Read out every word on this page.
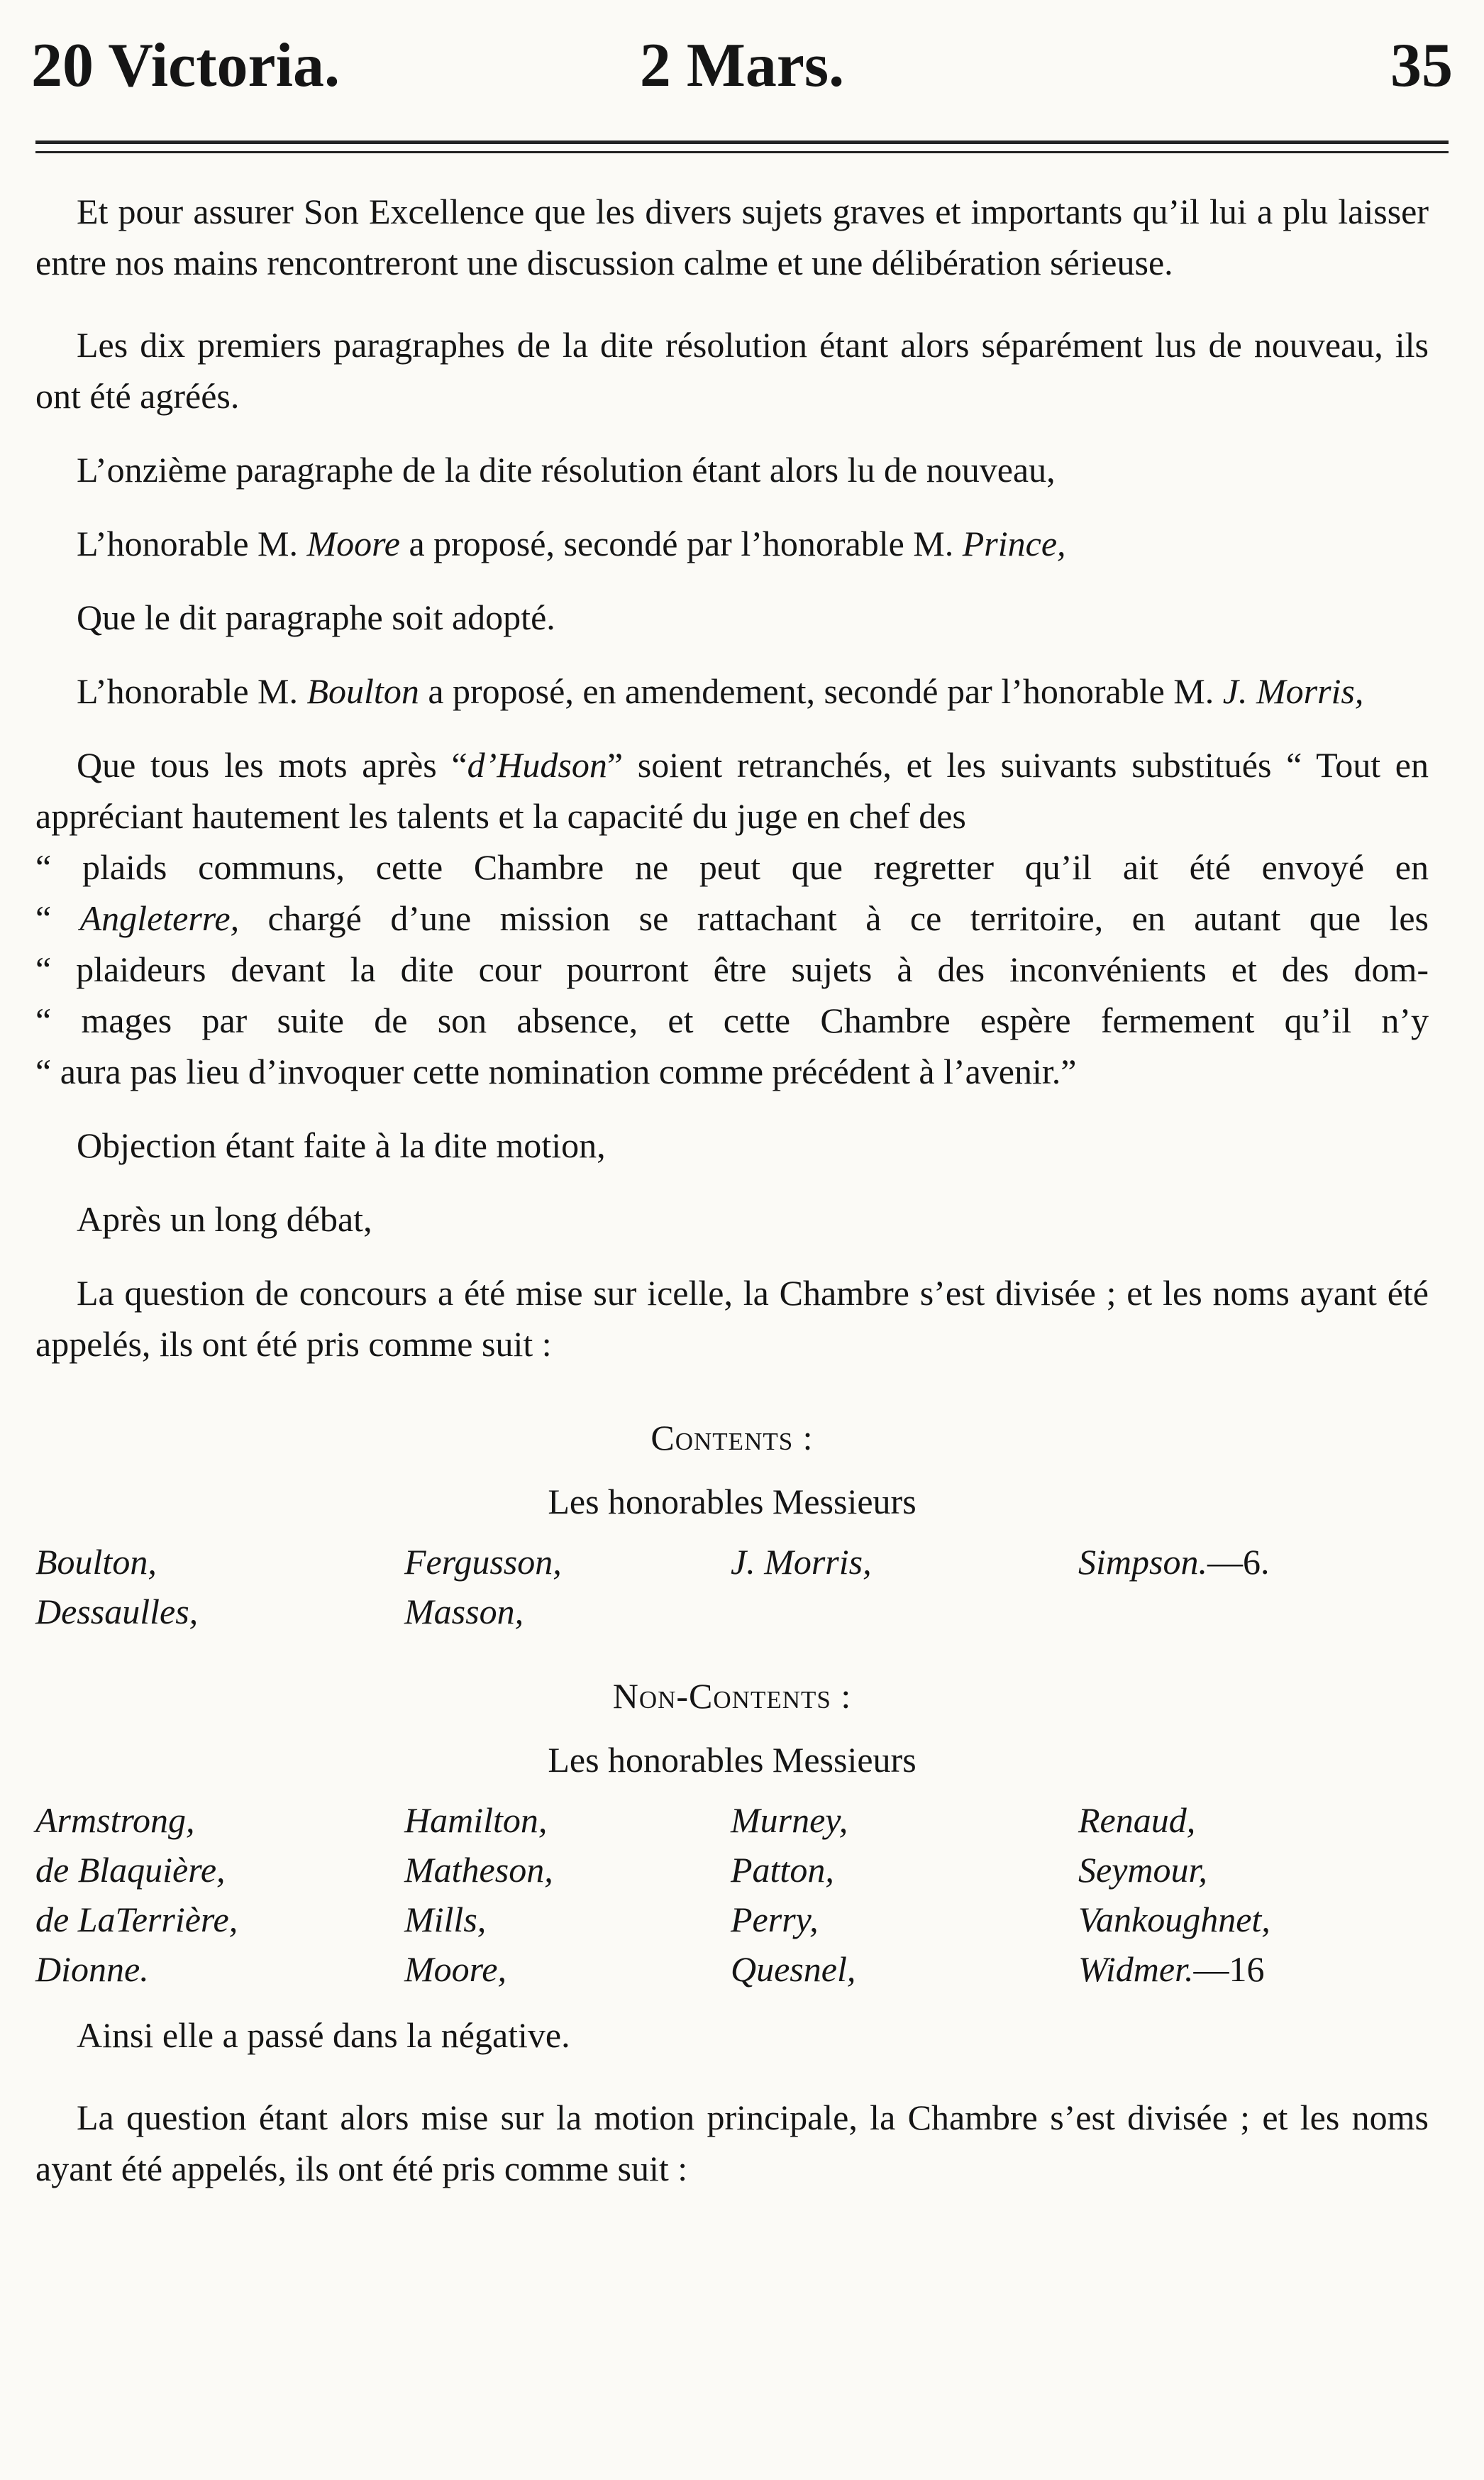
2 Mars.
20 Victoria.	35

Et pour assurer Son Excellence que les divers sujets graves et importants qu’il lui a plu laisser entre nos mains rencontreront une discussion calme et une délibération sérieuse.

Les dix premiers paragraphes de la dite résolution étant alors séparément lus de nouveau, ils ont été agréés.

L’onzième paragraphe de la dite résolution étant alors lu de nouveau,

L’honorable M. Moore a proposé, secondé par l’honorable M. Prince,

Que le dit paragraphe soit adopté.

L’honorable M. Boulton a proposé, en amendement, secondé par l’honorable M. J. Morris,

Que tous les mots après “d’Hudson” soient retranchés, et les suivants substitués “ Tout en appréciant hautement les talents et la capacité du juge en chef des

“ plaids communs, cette Chambre ne peut que regretter qu’il ait été envoyé en
“ Angleterre, chargé d’une mission se rattachant à ce territoire, en autant que les
“ plaideurs devant la dite cour pourront être sujets à des inconvénients et des dom-
“ mages par suite de son absence, et cette Chambre espère fermement qu’il n’y
“ aura pas lieu d’invoquer cette nomination comme précédent à l’avenir.”

Objection étant faite à la dite motion,

Après un long débat,

La question de concours a été mise sur icelle, la Chambre s’est divisée ; et les noms ayant été appelés, ils ont été pris comme suit :

Contents :
Les honorables Messieurs
Boulton,
Dessaulles,
Fergusson,
Masson,
J. Morris,	Simpson.—6.
Non-Contents :
Les honorables Messieurs
Armstrong,
de Blaquière,
de LaTerrière,
Dionne.
Hamilton,
Matheson,
Mills,
Moore,
Murney,
Patton,
Perry,
Quesnel,
Renaud,
Seymour,
Vankoughnet,
Widmer.—16

Ainsi elle a passé dans la négative.

La question étant alors mise sur la motion principale, la Chambre s’est divisée ; et les noms ayant été appelés, ils ont été pris comme suit :
